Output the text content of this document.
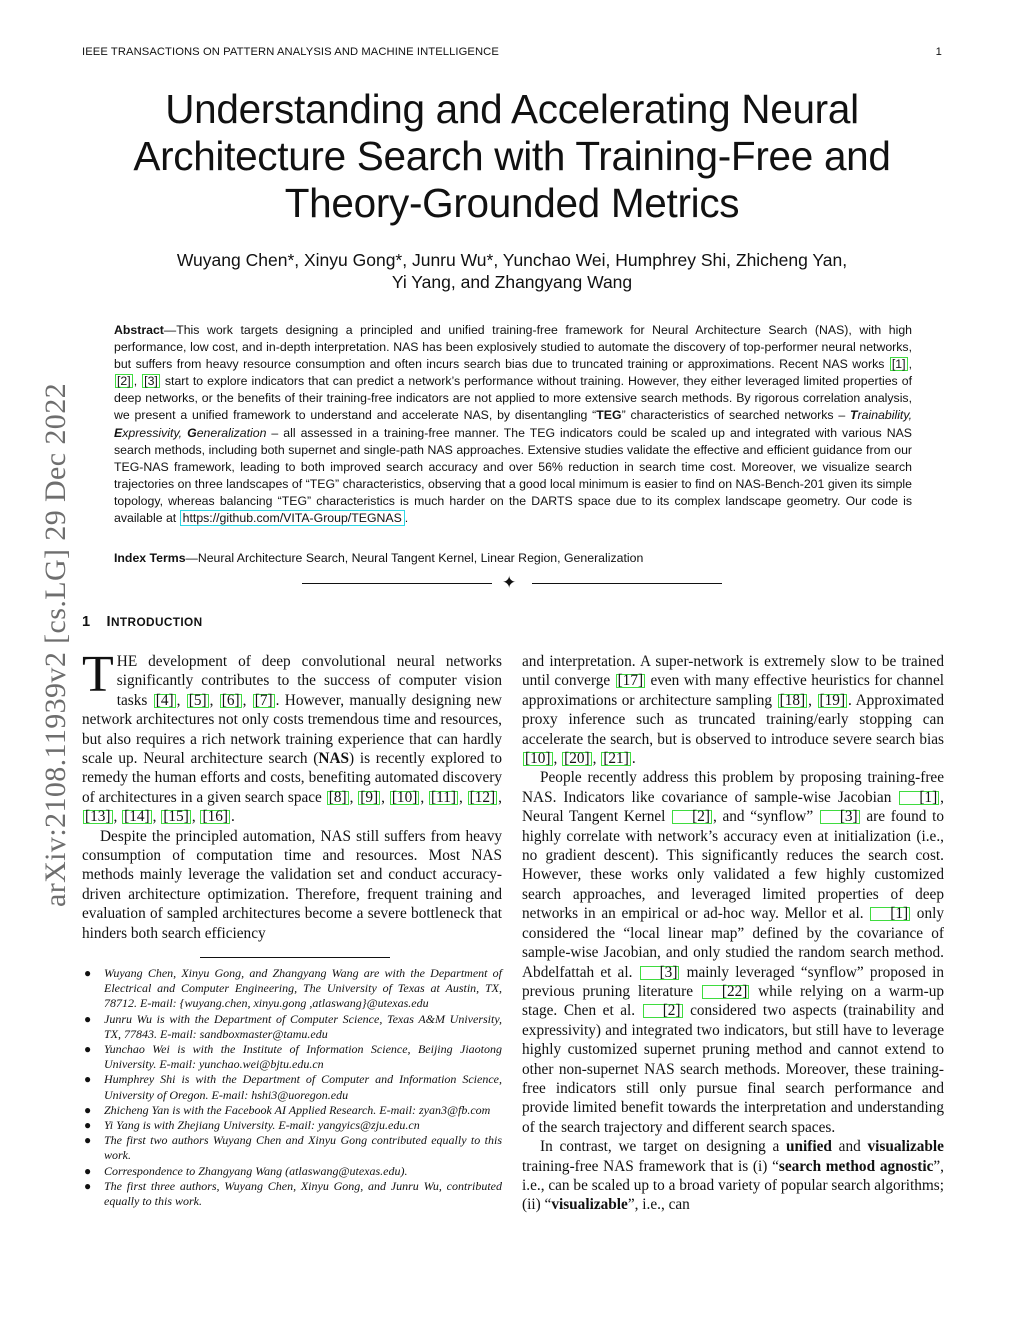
IEEE TRANSACTIONS ON PATTERN ANALYSIS AND MACHINE INTELLIGENCE	1
Understanding and Accelerating Neural
Architecture Search with Training-Free and
Theory-Grounded Metrics
Wuyang Chen*, Xinyu Gong*, Junru Wu*, Yunchao Wei, Humphrey Shi, Zhicheng Yan,
Yi Yang, and Zhangyang Wang
Abstract—This work targets designing a principled and unified training-free framework for Neural Architecture Search (NAS), with high performance, low cost, and in-depth interpretation. NAS has been explosively studied to automate the discovery of top-performer neural networks, but suffers from heavy resource consumption and often incurs search bias due to truncated training or approximations. Recent NAS works [1] , [2] , [3] start to explore indicators that can predict a network’s performance without training. However, they either leveraged limited properties of deep networks, or the benefits of their training-free indicators are not applied to more extensive search methods. By rigorous correlation analysis, we present a unified framework to understand and accelerate NAS, by disentangling “TEG” characteristics of searched networks – Trainability, Expressivity, Generalization – all assessed in a training-free manner. The TEG indicators could be scaled up and integrated with various NAS search methods, including both supernet and single-path NAS approaches. Extensive studies validate the effective and efficient guidance from our TEG-NAS framework, leading to both improved search accuracy and over 56% reduction in search time cost. Moreover, we visualize search trajectories on three landscapes of “TEG” characteristics, observing that a good local minimum is easier to find on NAS-Bench-201 given its simple topology, whereas balancing “TEG” characteristics is much harder on the DARTS space due to its complex landscape geometry. Our code is available at https://github.com/VITA-Group/TEGNAS .
Index Terms—Neural Architecture Search, Neural Tangent Kernel, Linear Region, Generalization
✦
arXiv:2108.11939v2 [cs.LG] 29 Dec 2022 1 INTRODUCTION

THE development of deep convolutional neural networks significantly contributes to the success of computer vision tasks [4] , [5] , [6] , [7] . However, manually designing new network architectures not only costs tremendous time and resources, but also requires a rich network training experience that can hardly scale up. Neural architecture search (NAS) is recently explored to remedy the human efforts and costs, benefiting automated discovery of architectures in a given search space [8] , [9] , [10] , [11] , [12] , [13] , [14] , [15] , [16] .

Despite the principled automation, NAS still suffers from heavy consumption of computation time and resources. Most NAS methods mainly leverage the validation set and conduct accuracy-driven architecture optimization. Therefore, frequent training and evaluation of sampled architectures become a severe bottleneck that hinders both search efficiency

● Wuyang Chen, Xinyu Gong, and Zhangyang Wang are with the Department of Electrical and Computer Engineering, The University of Texas at Austin, TX, 78712. E-mail: {wuyang.chen, xinyu.gong ,atlaswang}@utexas.edu
● Junru Wu is with the Department of Computer Science, Texas A&M University, TX, 77843. E-mail: sandboxmaster@tamu.edu
● Yunchao Wei is with the Institute of Information Science, Beijing Jiaotong University. E-mail: yunchao.wei@bjtu.edu.cn
● Humphrey Shi is with the Department of Computer and Information Science, University of Oregon. E-mail: hshi3@uoregon.edu
● Zhicheng Yan is with the Facebook AI Applied Research. E-mail: zyan3@fb.com
● Yi Yang is with Zhejiang University. E-mail: yangyics@zju.edu.cn
● The first two authors Wuyang Chen and Xinyu Gong contributed equally to this work.
● Correspondence to Zhangyang Wang (atlaswang@utexas.edu).
● The first three authors, Wuyang Chen, Xinyu Gong, and Junru Wu, contributed equally to this work.

and interpretation. A super-network is extremely slow to be trained until converge [17] even with many effective heuristics for channel approximations or architecture sampling [18] , [19] . Approximated proxy inference such as truncated training/early stopping can accelerate the search, but is observed to introduce severe search bias [10] , [20] , [21] .

People recently address this problem by proposing training-free NAS. Indicators like covariance of sample-wise Jacobian [1] , Neural Tangent Kernel [2] , and “synflow” [3] are found to highly correlate with network’s accuracy even at initialization (i.e., no gradient descent). This significantly reduces the search cost. However, these works only validated a few highly customized search approaches, and leveraged limited properties of deep networks in an empirical or ad-hoc way. Mellor et al. [1] only considered the “local linear map” defined by the covariance of sample-wise Jacobian, and only studied the random search method. Abdelfattah et al. [3] mainly leveraged “synflow” proposed in previous pruning literature [22] while relying on a warm-up stage. Chen et al. [2] considered two aspects (trainability and expressivity) and integrated two indicators, but still have to leverage highly customized supernet pruning method and cannot extend to other non-supernet NAS search methods. Moreover, these training-free indicators still only pursue final search performance and provide limited benefit towards the interpretation and understanding of the search trajectory and different search spaces.

In contrast, we target on designing a unified and visualizable training-free NAS framework that is (i) “search method agnostic”, i.e., can be scaled up to a broad variety of popular search algorithms; (ii) “visualizable”, i.e., can
